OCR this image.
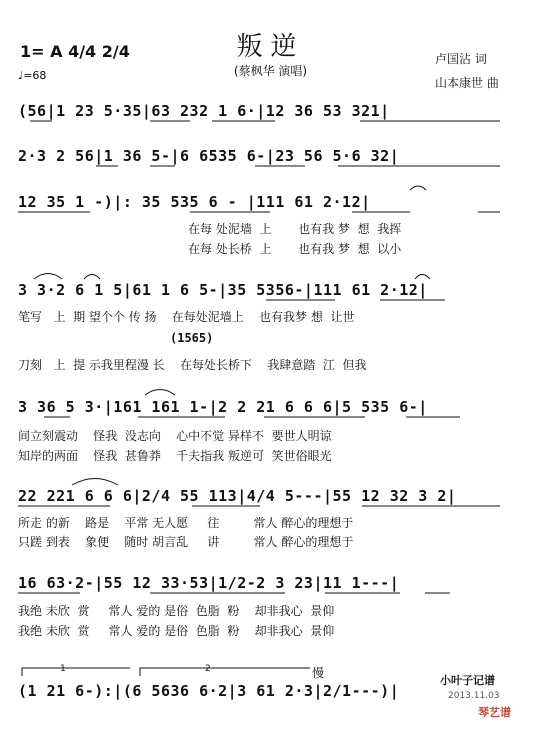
叛逆
(蔡枫华 演唱)
1= A 4/4 2/4
♩=68
卢国沾 词
山本康世 曲
(56|1 23 5·35|63 232 1 6·|12 36 53 321|
2·3 2 56|1 36 5-|6 6535 6-|23 56 5·6 32|
12 35 1 -)|: 35 535 6 - |111 61 2·12|
在每 处泥墙  上       也有我 梦  想  我挥
在每 处长桥  上       也有我 梦  想  以小
3 3·2 6 1 5|61 1 6 5-|35 5356-|111 61 2·12|
笔写   上  期 望个个 传 扬    在每处泥墙上    也有我梦 想  让世
(1565)
刀刻   上  提 示我里程漫 长    在每处长桥下    我肆意踏  江  但我
3 36 5 3·|161 161 1-|2 2 21 6 6 6|5 535 6-|
间立刻震动    怪我  没志向    心中不觉 异样不  要世人明谅
知岸的两面    怪我  甚鲁莽    千夫指我 叛逆可  笑世俗眼光
22 221 6 6 6|2/4 55 113|4/4 5---|55 12 32 3 2|
所走 的新    路是    平常 无人愿     往         常人 醉心的理想于
只蹉 到表    象便    随时 胡言乱     讲         常人 醉心的理想于
16 63·2-|55 12 33·53|1/2-2 3 23|11 1---|
我绝 未欣  赏     常人 爱的 是俗  色脂  粉    却非我心  景仰
我绝 未欣  赏     常人 爱的 是俗  色脂  粉    却非我心  景仰
1	2	慢
(1 21 6-):|(6 5636 6·2|3 61 2·3|2/1---)|
小叶子记谱
2013.11.03
琴艺谱
